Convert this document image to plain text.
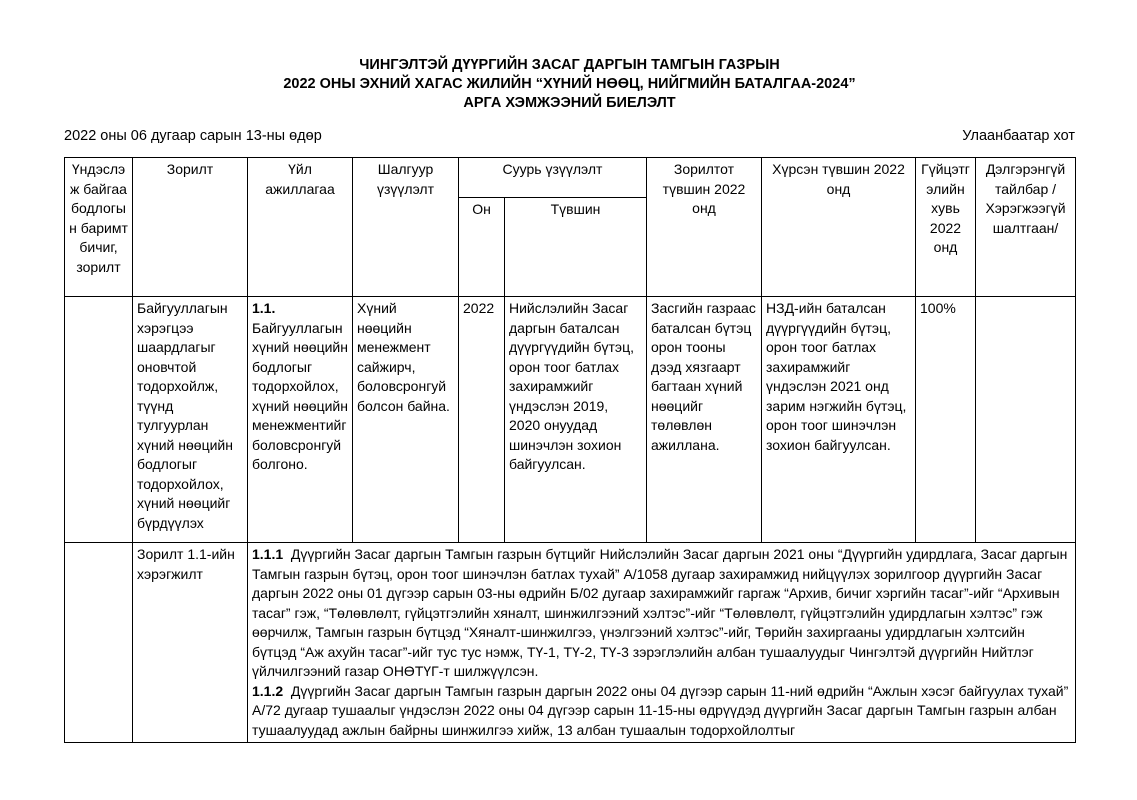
ЧИНГЭЛТЭЙ ДҮҮРГИЙН ЗАСАГ ДАРГЫН ТАМГЫН ГАЗРЫН
2022 ОНЫ ЭХНИЙ ХАГАС ЖИЛИЙН “ХҮНИЙ НӨӨЦ, НИЙГМИЙН БАТАЛГАА-2024”
АРГА ХЭМЖЭЭНИЙ БИЕЛЭЛТ
2022 оны 06 дугаар сарын 13-ны өдөр	Улаанбаатар хот
Үндэслэж байгаа бодлогын баримт бичиг, зорилт	Зорилт	Үйл ажиллагаа	Шалгуур үзүүлэлт	Суурь үзүүлэлт		Зорилтот түвшин 2022 онд	Хүрсэн түвшин 2022 онд	Гүйцэтгэлийн хувь 2022 онд	Дэлгэрэнгүй тайлбар /Хэрэгжээгүй шалтгаан/
				Он	Түвшин				
	Байгууллагын хэрэгцээ шаардлагыг оновчтой тодорхойлж, түүнд тулгуурлан хүний нөөцийн бодлогыг тодорхойлох, хүний нөөцийг бүрдүүлэх	1.1. Байгууллагын хүний нөөцийн бодлогыг тодорхойлох, хүний нөөцийн менежментийг боловсронгуй болгоно.	Хүний нөөцийн менежмент сайжирч, боловсронгуй болсон байна.	2022	Нийслэлийн Засаг даргын баталсан дүүргүүдийн бүтэц, орон тоог батлах захирамжийг үндэслэн 2019, 2020 онуудад шинэчлэн зохион байгуулсан.	Засгийн газраас баталсан бүтэц орон тооны дээд хязгаарт багтаан хүний нөөцийг төлөвлөн ажиллана.	НЗД-ийн баталсан дүүргүүдийн бүтэц, орон тоог батлах захирамжийг үндэслэн 2021 онд зарим нэгжийн бүтэц, орон тоог шинэчлэн зохион байгуулсан.	100%	
	Зорилт 1.1-ийн хэрэгжилт	1.1.1 Дүүргийн Засаг даргын Тамгын газрын бүтцийг Нийслэлийн Засаг даргын 2021 оны “Дүүргийн удирдлага, Засаг даргын Тамгын газрын бүтэц, орон тоог шинэчлэн батлах тухай” А/1058 дугаар захирамжид нийцүүлэх зорилгоор дүүргийн Засаг даргын 2022 оны 01 дүгээр сарын 03-ны өдрийн Б/02 дугаар захирамжийг гаргаж “Архив, бичиг хэргийн тасаг”-ийг “Архивын тасаг” гэж, “Төлөвлөлт, гүйцэтгэлийн хяналт, шинжилгээний хэлтэс”-ийг “Төлөвлөлт, гүйцэтгэлийн удирдлагын хэлтэс” гэж өөрчилж, Тамгын газрын бүтцэд “Хяналт-шинжилгээ, үнэлгээний хэлтэс”-ийг, Төрийн захиргааны удирдлагын хэлтсийн бүтцэд “Аж ахуйн тасаг”-ийг тус тус нэмж, ТҮ-1, ТҮ-2, ТҮ-3 зэрэглэлийн албан тушаалуудыг Чингэлтэй дүүргийн Нийтлэг үйлчилгээний газар ОНӨТҮГ-т шилжүүлсэн.

1.1.2 Дүүргийн Засаг даргын Тамгын газрын даргын 2022 оны 04 дүгээр сарын 11-ний өдрийн “Ажлын хэсэг байгуулах тухай” А/72 дугаар тушаалыг үндэслэн 2022 оны 04 дүгээр сарын 11-15-ны өдрүүдэд дүүргийн Засаг даргын Тамгын газрын албан тушаалуудад ажлын байрны шинжилгээ хийж, 13 албан тушаалын тодорхойлолтыг							
